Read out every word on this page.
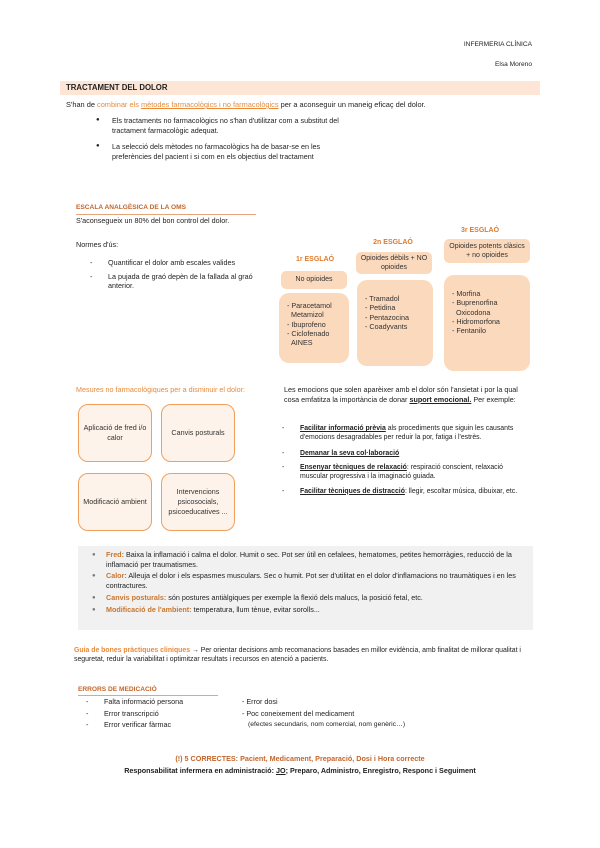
INFERMERIA CLÍNICA
Elsa Moreno
TRACTAMENT DEL DOLOR
S'han de combinar els mètodes farmacològics i no farmacològics per a aconseguir un maneig eficaç del dolor.
● Els tractaments no farmacològics no s'han d'utilitzar com a substitut del tractament farmacològic adequat.
● La selecció dels mètodes no farmacològics ha de basar-se en les preferències del pacient i si com en els objectius del tractament
ESCALA ANALGÈSICA DE LA OMS
S'aconsegueix un 80% del bon control del dolor.
Normes d'ús:
- Quantificar el dolor amb escales valides
- La pujada de graó depèn de la fallada al graó anterior.
1r ESGLAÓ
No opioides
- Paracetamol
Metamizol
- Ibuprofeno
- Ciclofenado
AINES
2n ESGLAÓ
Opioides dèbils + NO opioides
- Tramadol
- Petidina
- Pentazocina
- Coadyvants
3r ESGLAÓ
Opioides potents clàsics + no opioides
- Morfina
- Buprenorfina
Oxicodona
- Hidromorfona
- Fentanilo
Mesures no farmacològiques per a disminuir el dolor:	Les emocions que solen aparèixer amb el dolor són l'ansietat i por la qual cosa emfatitza la importància de donar suport emocional. Per exemple:
Aplicació de fred i/o calor
Canvis posturals
Modificació ambient
Intervencions psicosocials, psicoeducatives ...
- Facilitar informació prèvia als procediments que siguin les causants d'emocions desagradables per reduir la por, fatiga i l'estrès.
- Demanar la seva col·laboració
- Ensenyar tècniques de relaxació: respiració conscient, relaxació muscular progressiva i la imaginació guiada.
- Facilitar tècniques de distracció: llegir, escoltar música, dibuixar, etc.
● Fred: Baixa la inflamació i calma el dolor. Humit o sec. Pot ser útil en cefalees, hematomes, petites hemorràgies, reducció de la inflamació per traumatismes.
● Calor: Alleuja el dolor i els espasmes musculars. Sec o humit. Pot ser d'utilitat en el dolor d'inflamacions no traumàtiques i en les contractures.
● Canvis posturals: són postures antiàlgiques per exemple la flexió dels malucs, la posició fetal, etc.
● Modificació de l'ambient: temperatura, llum tènue, evitar sorolls...
Guia de bones pràctiques cliniques → Per orientar decisions amb recomanacions basades en millor evidència, amb finalitat de millorar qualitat i seguretat, reduir la variabilitat i optimitzar resultats i recursos en atenció a pacients.
ERRORS DE MEDICACIÓ
- Falta informació persona
- Error transcripció
- Error verificar fàrmac
- Error dosi
- Poc coneixement del medicament
(efectes secundaris, nom comercial, nom genèric…)
(!) 5 CORRECTES: Pacient, Medicament, Preparació, Dosi i Hora correcte
Responsabilitat infermera en administració: JO; Preparo, Administro, Enregistro, Responc i Seguiment
